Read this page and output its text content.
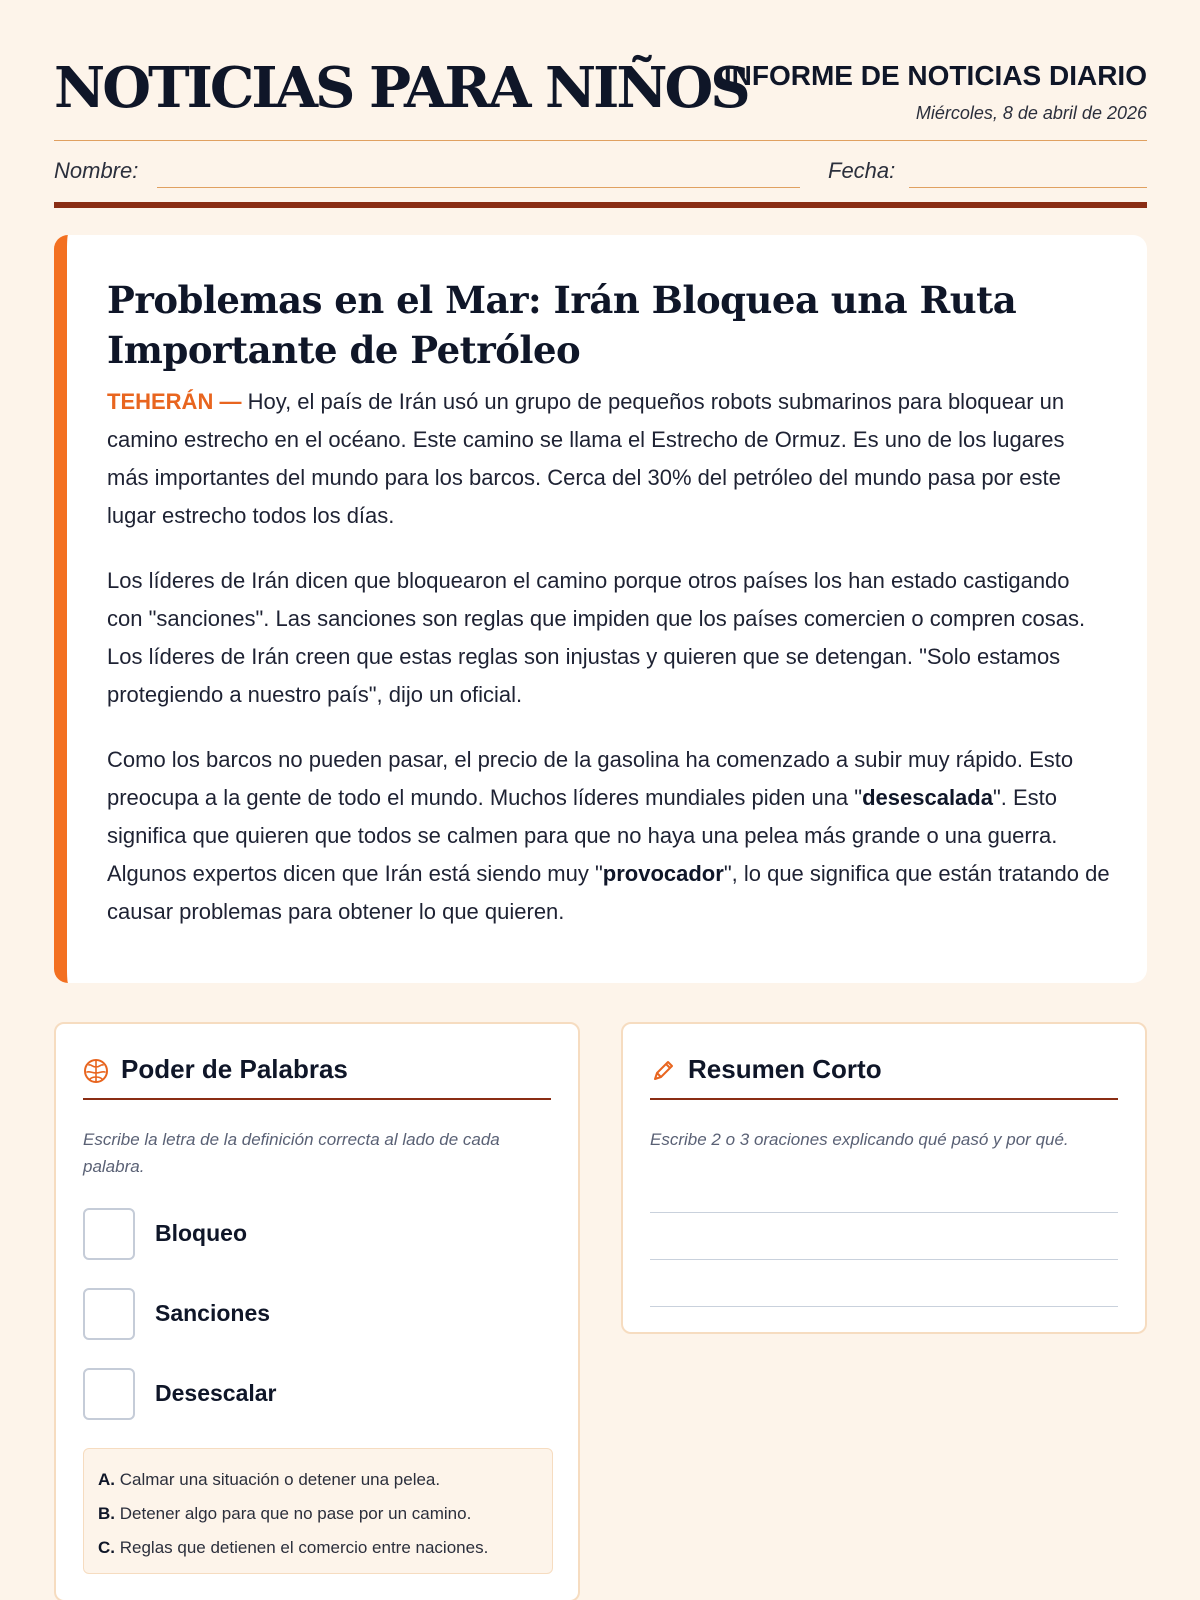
NOTICIAS PARA NIÑOS
INFORME DE NOTICIAS DIARIO
Miércoles, 8 de abril de 2026
Nombre:	Fecha:
Problemas en el Mar: Irán Bloquea una Ruta Importante de Petróleo

TEHERÁN — Hoy, el país de Irán usó un grupo de pequeños robots submarinos para bloquear un camino estrecho en el océano. Este camino se llama el Estrecho de Ormuz. Es uno de los lugares más importantes del mundo para los barcos. Cerca del 30% del petróleo del mundo pasa por este lugar estrecho todos los días.

Los líderes de Irán dicen que bloquearon el camino porque otros países los han estado castigando con "sanciones". Las sanciones son reglas que impiden que los países comercien o compren cosas. Los líderes de Irán creen que estas reglas son injustas y quieren que se detengan. "Solo estamos protegiendo a nuestro país", dijo un oficial.

Como los barcos no pueden pasar, el precio de la gasolina ha comenzado a subir muy rápido. Esto preocupa a la gente de todo el mundo. Muchos líderes mundiales piden una "desescalada". Esto significa que quieren que todos se calmen para que no haya una pelea más grande o una guerra. Algunos expertos dicen que Irán está siendo muy "provocador", lo que significa que están tratando de causar problemas para obtener lo que quieren.

Poder de Palabras

Escribe la letra de la definición correcta al lado de cada palabra.

Bloqueo
Sanciones
Desescalar
A. Calmar una situación o detener una pelea.
B. Detener algo para que no pase por un camino.
C. Reglas que detienen el comercio entre naciones.
Resumen Corto

Escribe 2 o 3 oraciones explicando qué pasó y por qué.
